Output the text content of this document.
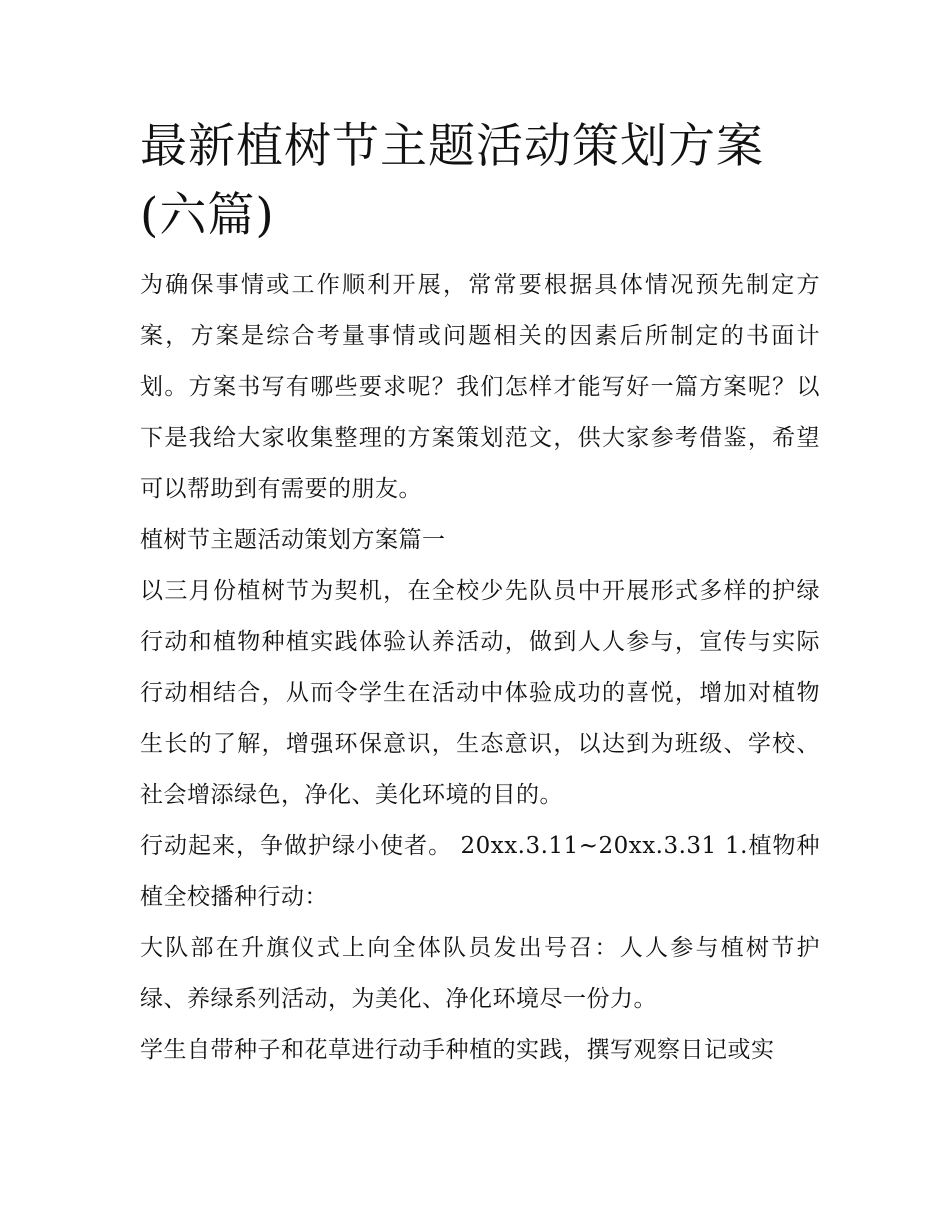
最新植树节主题活动策划方案(六篇)

为确保事情或工作顺利开展，常常要根据具体情况预先制定方案，方案是综合考量事情或问题相关的因素后所制定的书面计划。方案书写有哪些要求呢？我们怎样才能写好一篇方案呢？以下是我给大家收集整理的方案策划范文，供大家参考借鉴，希望可以帮助到有需要的朋友。

植树节主题活动策划方案篇一

以三月份植树节为契机，在全校少先队员中开展形式多样的护绿行动和植物种植实践体验认养活动，做到人人参与，宣传与实际行动相结合，从而令学生在活动中体验成功的喜悦，增加对植物生长的了解，增强环保意识，生态意识，以达到为班级、学校、社会增添绿色，净化、美化环境的目的。

行动起来，争做护绿小使者。 20xx.3.11~20xx.3.31 1.植物种植全校播种行动：

大队部在升旗仪式上向全体队员发出号召：人人参与植树节护绿、养绿系列活动，为美化、净化环境尽一份力。

学生自带种子和花草进行动手种植的实践，撰写观察日记或实
